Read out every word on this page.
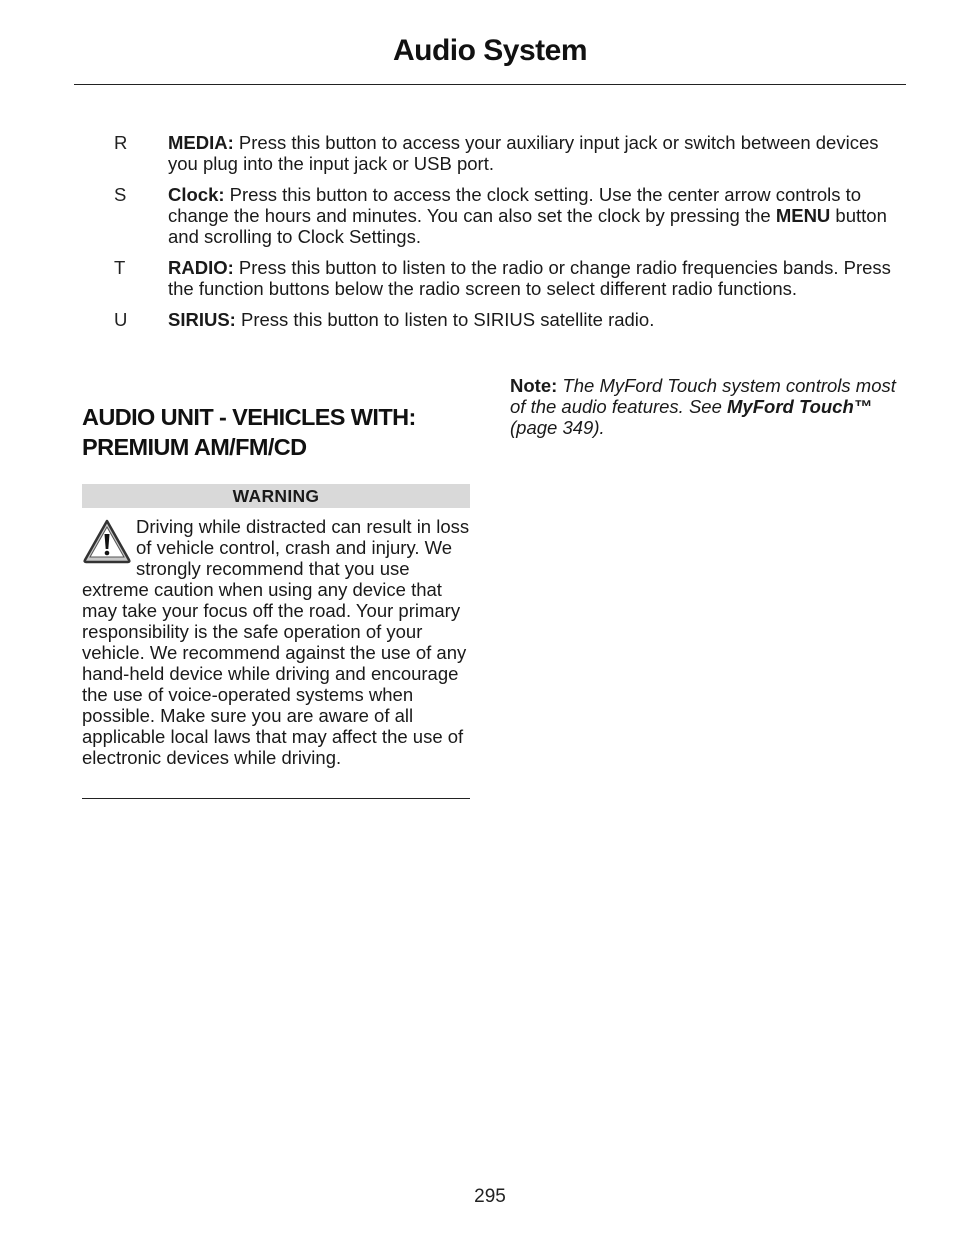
Audio System
R	MEDIA: Press this button to access your auxiliary input jack or switch between devices you plug into the input jack or USB port.
S	Clock: Press this button to access the clock setting. Use the center arrow controls to change the hours and minutes. You can also set the clock by pressing the MENU button and scrolling to Clock Settings.
T	RADIO: Press this button to listen to the radio or change radio frequencies bands. Press the function buttons below the radio screen to select different radio functions.
U	SIRIUS: Press this button to listen to SIRIUS satellite radio.
AUDIO UNIT - VEHICLES WITH: PREMIUM AM/FM/CD
WARNING
Driving while distracted can result in loss of vehicle control, crash and injury. We strongly recommend that you use extreme caution when using any device that may take your focus off the road. Your primary responsibility is the safe operation of your vehicle. We recommend against the use of any hand-held device while driving and encourage the use of voice-operated systems when possible. Make sure you are aware of all applicable local laws that may affect the use of electronic devices while driving.
Note: The MyFord Touch system controls most of the audio features. See MyFord Touch™ (page 349).
295
